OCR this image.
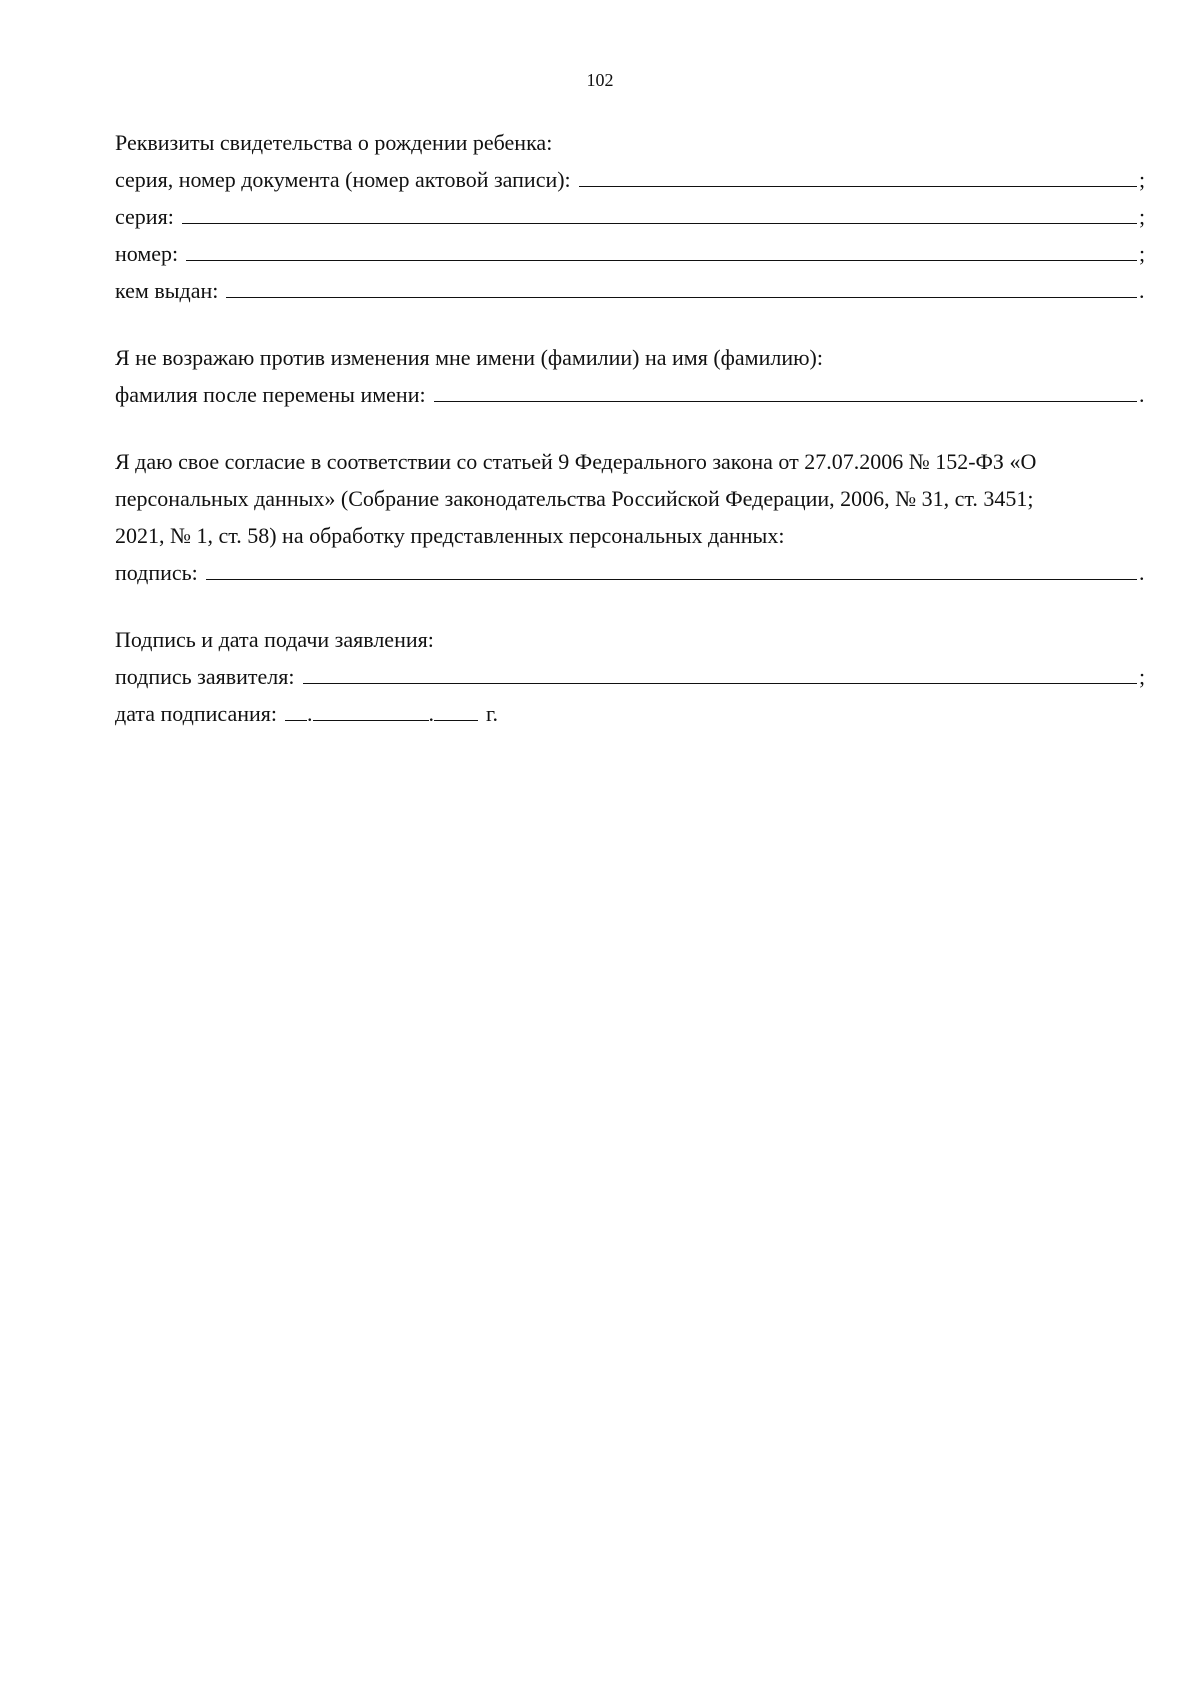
102
Реквизиты свидетельства о рождении ребенка:
серия, номер документа (номер актовой записи):	;
серия:	;
номер:	;
кем выдан:	.
Я не возражаю против изменения мне имени (фамилии) на имя (фамилию):
фамилия после перемены имени:	.
Я даю свое согласие в соответствии со статьей 9 Федерального закона от 27.07.2006 № 152-ФЗ «О
персональных данных» (Собрание законодательства Российской Федерации, 2006, № 31, ст. 3451;
2021, № 1, ст. 58) на обработку представленных персональных данных:
подпись:	.
Подпись и дата подачи заявления:
подпись заявителя:	;
дата подписания:	.	.	г.
